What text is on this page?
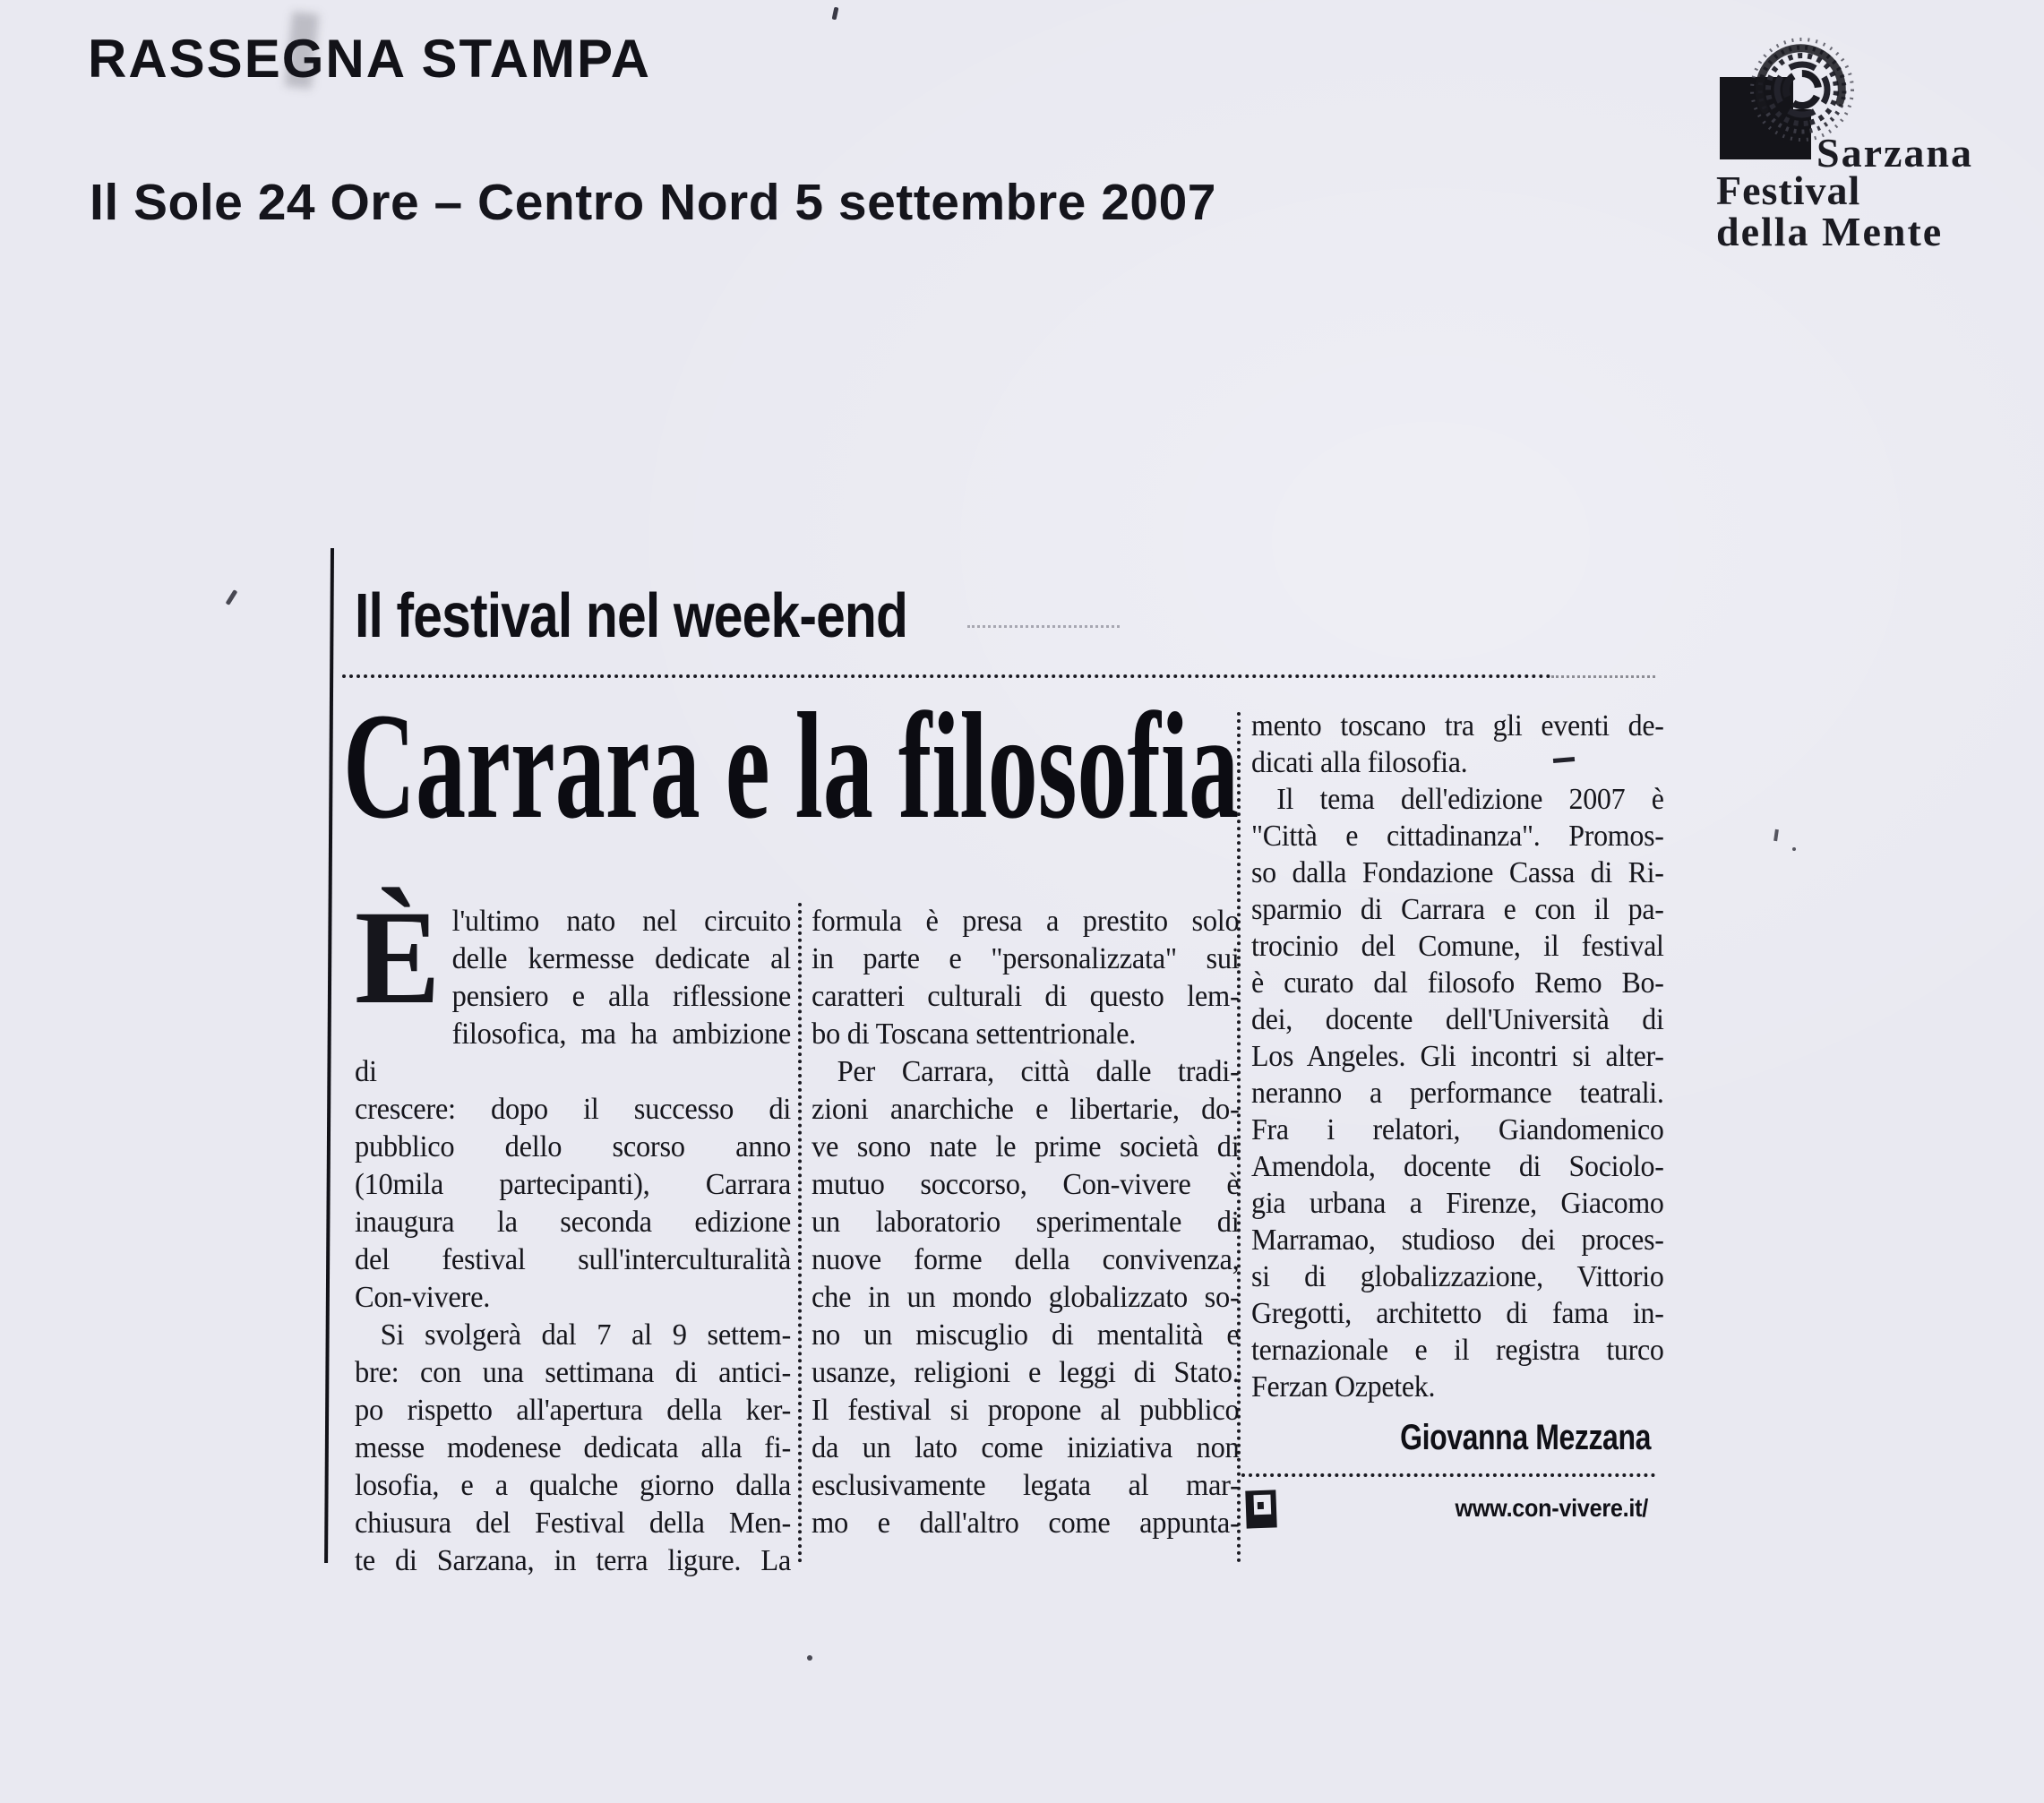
RASSEGNA STAMPA
Il Sole 24 Ore – Centro Nord 5 settembre 2007
Sarzana
Festival
della Mente
Il festival nel week-end
Carrara e la filosofia
È l'ultimo nato nel circuito
delle kermesse dedicate al
pensiero e alla riflessione
filosofica, ma ha ambizione di
crescere: dopo il successo di
pubblico dello scorso anno
(10mila partecipanti), Carrara
inaugura la seconda edizione
del festival sull'interculturalità
Con-vivere.
Si svolgerà dal 7 al 9 settem-
bre: con una settimana di antici-
po rispetto all'apertura della ker-
messe modenese dedicata alla fi-
losofia, e a qualche giorno dalla
chiusura del Festival della Men-
te di Sarzana, in terra ligure. La
formula è presa a prestito solo
in parte e "personalizzata" sui
caratteri culturali di questo lem-
bo di Toscana settentrionale.
Per Carrara, città dalle tradi-
zioni anarchiche e libertarie, do-
ve sono nate le prime società di
mutuo soccorso, Con-vivere è
un laboratorio sperimentale di
nuove forme della convivenza,
che in un mondo globalizzato so-
no un miscuglio di mentalità e
usanze, religioni e leggi di Stato.
Il festival si propone al pubblico
da un lato come iniziativa non
esclusivamente legata al mar-
mo e dall'altro come appunta-
mento toscano tra gli eventi de-
dicati alla filosofia.
Il tema dell'edizione 2007 è
"Città e cittadinanza". Promos-
so dalla Fondazione Cassa di Ri-
sparmio di Carrara e con il pa-
trocinio del Comune, il festival
è curato dal filosofo Remo Bo-
dei, docente dell'Università di
Los Angeles. Gli incontri si alter-
neranno a performance teatrali.
Fra i relatori, Giandomenico
Amendola, docente di Sociolo-
gia urbana a Firenze, Giacomo
Marramao, studioso dei proces-
si di globalizzazione, Vittorio
Gregotti, architetto di fama in-
ternazionale e il registra turco
Ferzan Ozpetek.
Giovanna Mezzana
www.con-vivere.it/
